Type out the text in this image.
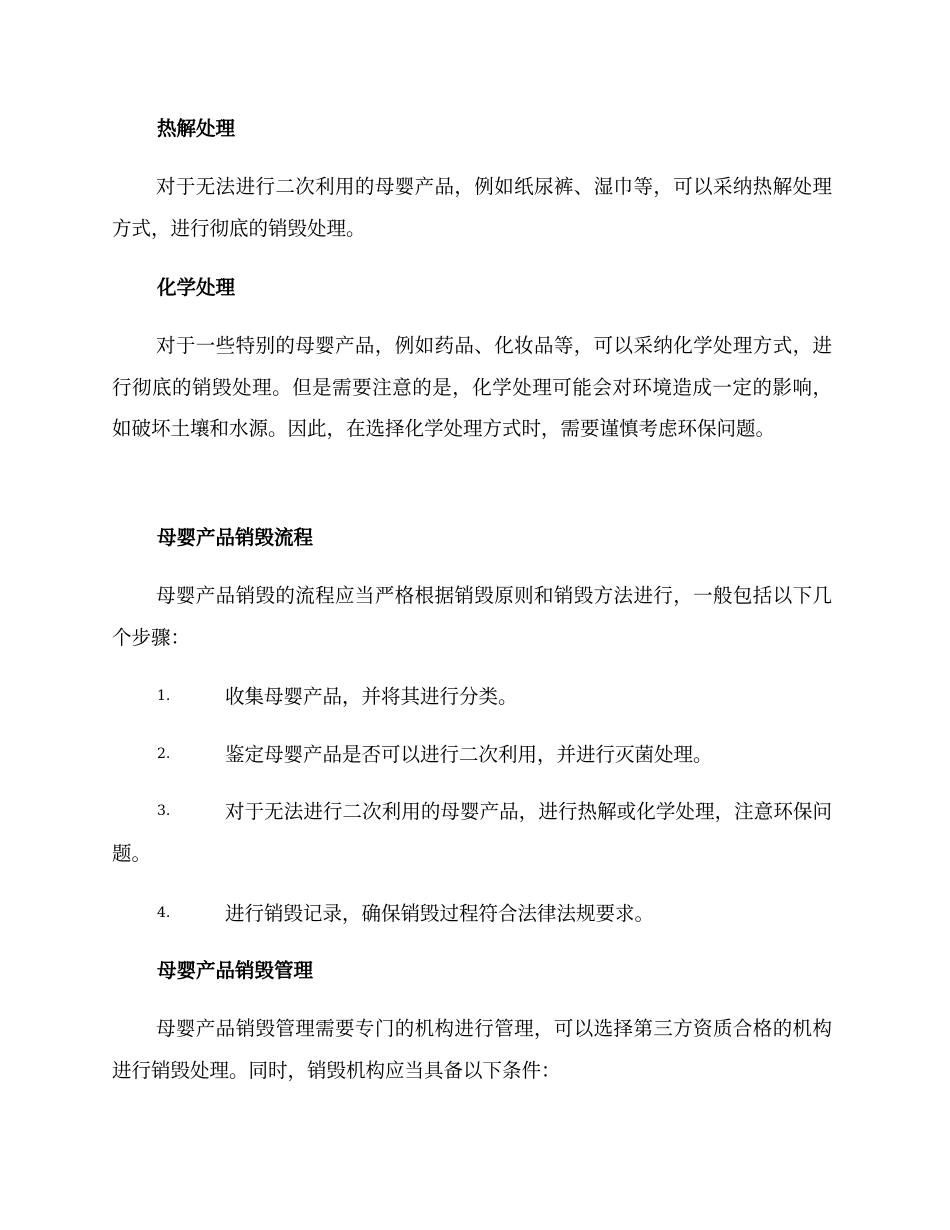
热解处理
对于无法进行二次利用的母婴产品，例如纸尿裤、湿巾等，可以采纳热解处理方式，进行彻底的销毁处理。
化学处理
对于一些特别的母婴产品，例如药品、化妆品等，可以采纳化学处理方式，进行彻底的销毁处理。但是需要注意的是，化学处理可能会对环境造成一定的影响，如破坏土壤和水源。因此，在选择化学处理方式时，需要谨慎考虑环保问题。
母婴产品销毁流程
母婴产品销毁的流程应当严格根据销毁原则和销毁方法进行，一般包括以下几个步骤：
1.	收集母婴产品，并将其进行分类。
2.	鉴定母婴产品是否可以进行二次利用，并进行灭菌处理。
3.	对于无法进行二次利用的母婴产品，进行热解或化学处理，注意环保问题。
4.	进行销毁记录，确保销毁过程符合法律法规要求。
母婴产品销毁管理
母婴产品销毁管理需要专门的机构进行管理，可以选择第三方资质合格的机构进行销毁处理。同时，销毁机构应当具备以下条件：
